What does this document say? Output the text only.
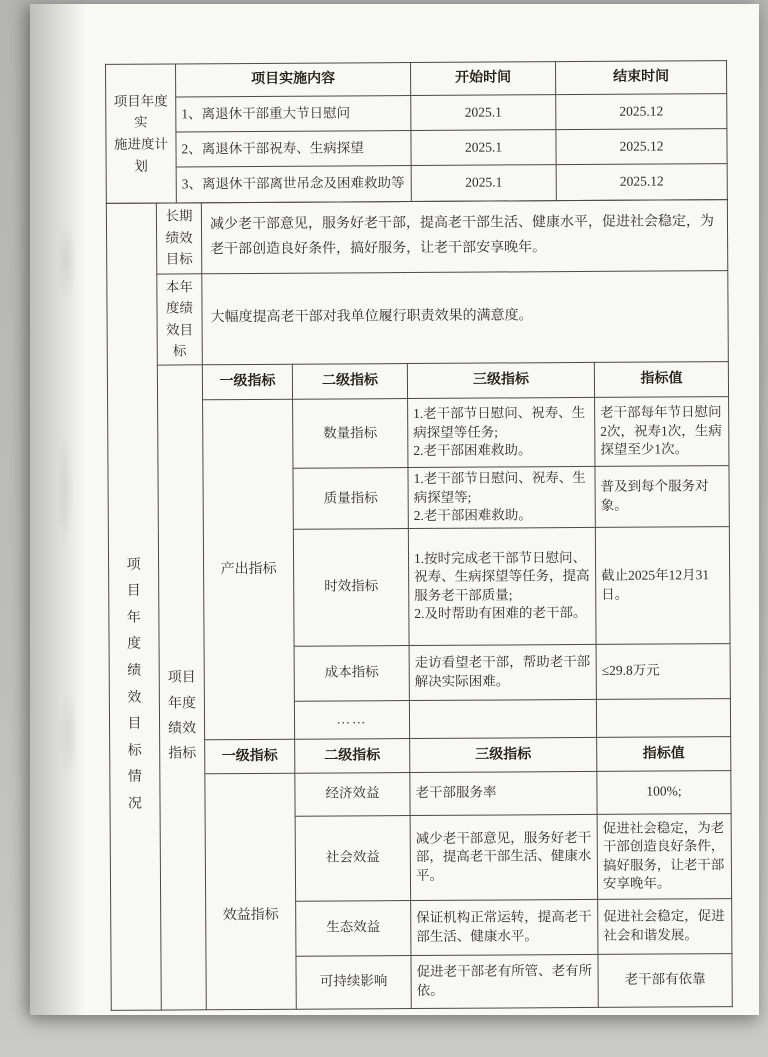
项目年度实
施进度计划	项目实施内容	开始时间	结束时间
	1、离退休干部重大节日慰问	2025.1	2025.12
	2、离退休干部祝寿、生病探望	2025.1	2025.12
	3、离退休干部离世吊念及困难救助等	2025.1	2025.12
项
目
年
度
绩
效
目
标
情
况	长期
绩效
目标	减少老干部意见，服务好老干部，提高老干部生活、健康水平，促进社会稳定，为老干部创造良好条件，搞好服务，让老干部安享晚年。
	本年
度绩
效目
标	大幅度提高老干部对我单位履行职责效果的满意度。			
	项目
年度
绩效
指标	一级指标	二级指标	三级指标	指标值
		产出指标	数量指标	1.老干部节日慰问、祝寿、生病探望等任务;
2.老干部困难救助。	老干部每年节日慰问2次，祝寿1次，生病探望至少1次。
			质量指标	1.老干部节日慰问、祝寿、生病探望等;
2.老干部困难救助。	普及到每个服务对象。
			时效指标	1.按时完成老干部节日慰问、祝寿、生病探望等任务，提高服务老干部质量;
2.及时帮助有困难的老干部。	截止2025年12月31日。
			成本指标	走访看望老干部，帮助老干部解决实际困难。	≤29.8万元
			……		
		一级指标	二级指标	三级指标	指标值
		效益指标	经济效益	老干部服务率	100%;
			社会效益	减少老干部意见，服务好老干部，提高老干部生活、健康水平。	促进社会稳定，为老干部创造良好条件，搞好服务，让老干部安享晚年。
			生态效益	保证机构正常运转，提高老干部生活、健康水平。	促进社会稳定，促进社会和谐发展。
			可持续影响	促进老干部老有所管、老有所依。	老干部有依靠
